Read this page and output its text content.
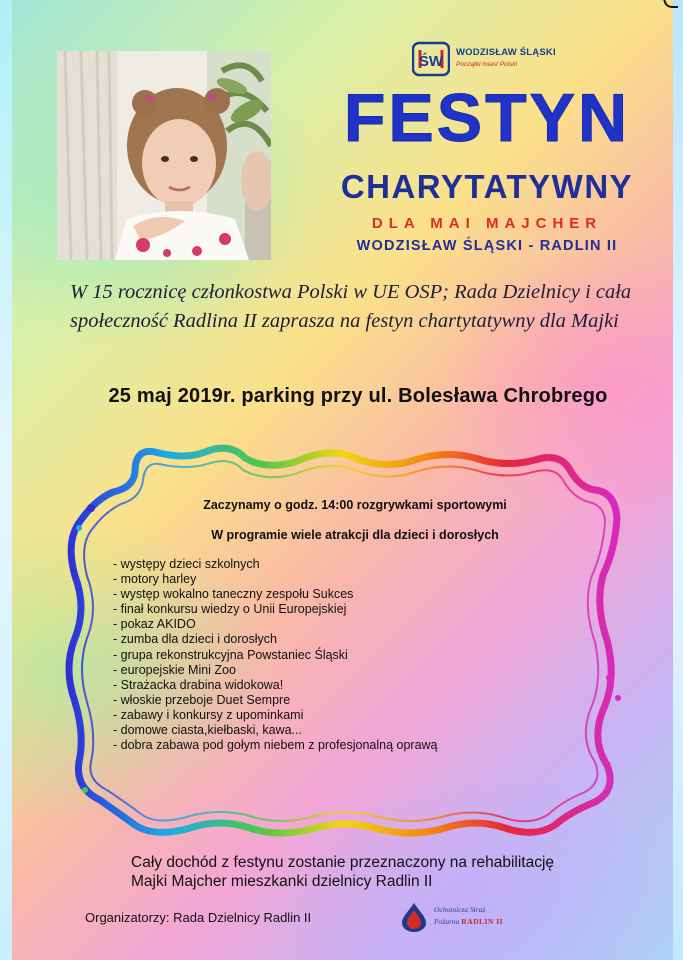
ŚW
WODZISŁAW ŚLĄSKI
Początki miast Polski
FESTYN
CHARYTATYWNY
DLA MAI MAJCHER
WODZISŁAW ŚLĄSKI - RADLIN II
W 15 rocznicę członkostwa Polski w UE OSP; Rada Dzielnicy i cała społeczność Radlina II zaprasza na festyn chartytatywny dla Majki
25 maj 2019r. parking przy ul. Bolesława Chrobrego
Zaczynamy o godz. 14:00 rozgrywkami sportowymi
W programie wiele atrakcji dla dzieci i dorosłych
- występy dzieci szkolnych
- motory harley
- występ wokalno taneczny zespołu Sukces
- finał konkursu wiedzy o Unii Europejskiej
- pokaz AKIDO
- zumba dla dzieci i dorosłych
- grupa rekonstrukcyjna Powstaniec Śląski
- europejskie Mini Zoo
- Strażacka drabina widokowa!
- włoskie przeboje Duet Sempre
- zabawy i konkursy z upominkami
- domowe ciasta,kiełbaski, kawa...
- dobra zabawa pod gołym niebem z profesjonalną oprawą
Cały dochód z festynu zostanie przeznaczony na rehabilitację
Majki Majcher mieszkanki dzielnicy Radlin II
Organizatorzy: Rada Dzielnicy Radlin II
Ochotnicza Straż
Pożarna RADLIN II
